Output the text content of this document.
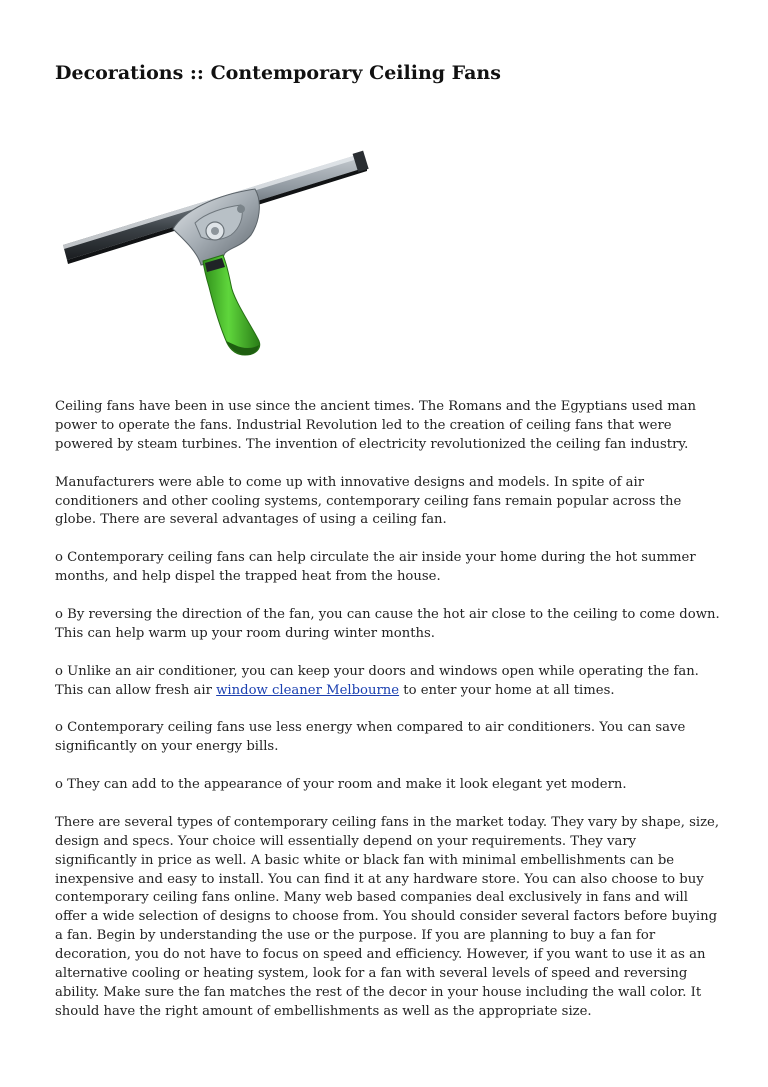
Decorations :: Contemporary Ceiling Fans

Ceiling fans have been in use since the ancient times. The Romans and the Egyptians used man power to operate the fans. Industrial Revolution led to the creation of ceiling fans that were powered by steam turbines. The invention of electricity revolutionized the ceiling fan industry.

Manufacturers were able to come up with innovative designs and models. In spite of air conditioners and other cooling systems, contemporary ceiling fans remain popular across the globe. There are several advantages of using a ceiling fan.

o Contemporary ceiling fans can help circulate the air inside your home during the hot summer months, and help dispel the trapped heat from the house.

o By reversing the direction of the fan, you can cause the hot air close to the ceiling to come down. This can help warm up your room during winter months.

o Unlike an air conditioner, you can keep your doors and windows open while operating the fan. This can allow fresh air window cleaner Melbourne to enter your home at all times.

o Contemporary ceiling fans use less energy when compared to air conditioners. You can save significantly on your energy bills.

o They can add to the appearance of your room and make it look elegant yet modern.

There are several types of contemporary ceiling fans in the market today. They vary by shape, size, design and specs. Your choice will essentially depend on your requirements. They vary significantly in price as well. A basic white or black fan with minimal embellishments can be inexpensive and easy to install. You can find it at any hardware store. You can also choose to buy contemporary ceiling fans online. Many web based companies deal exclusively in fans and will offer a wide selection of designs to choose from. You should consider several factors before buying a fan. Begin by understanding the use or the purpose. If you are planning to buy a fan for decoration, you do not have to focus on speed and efficiency. However, if you want to use it as an alternative cooling or heating system, look for a fan with several levels of speed and reversing ability. Make sure the fan matches the rest of the decor in your house including the wall color. It should have the right amount of embellishments as well as the appropriate size.
